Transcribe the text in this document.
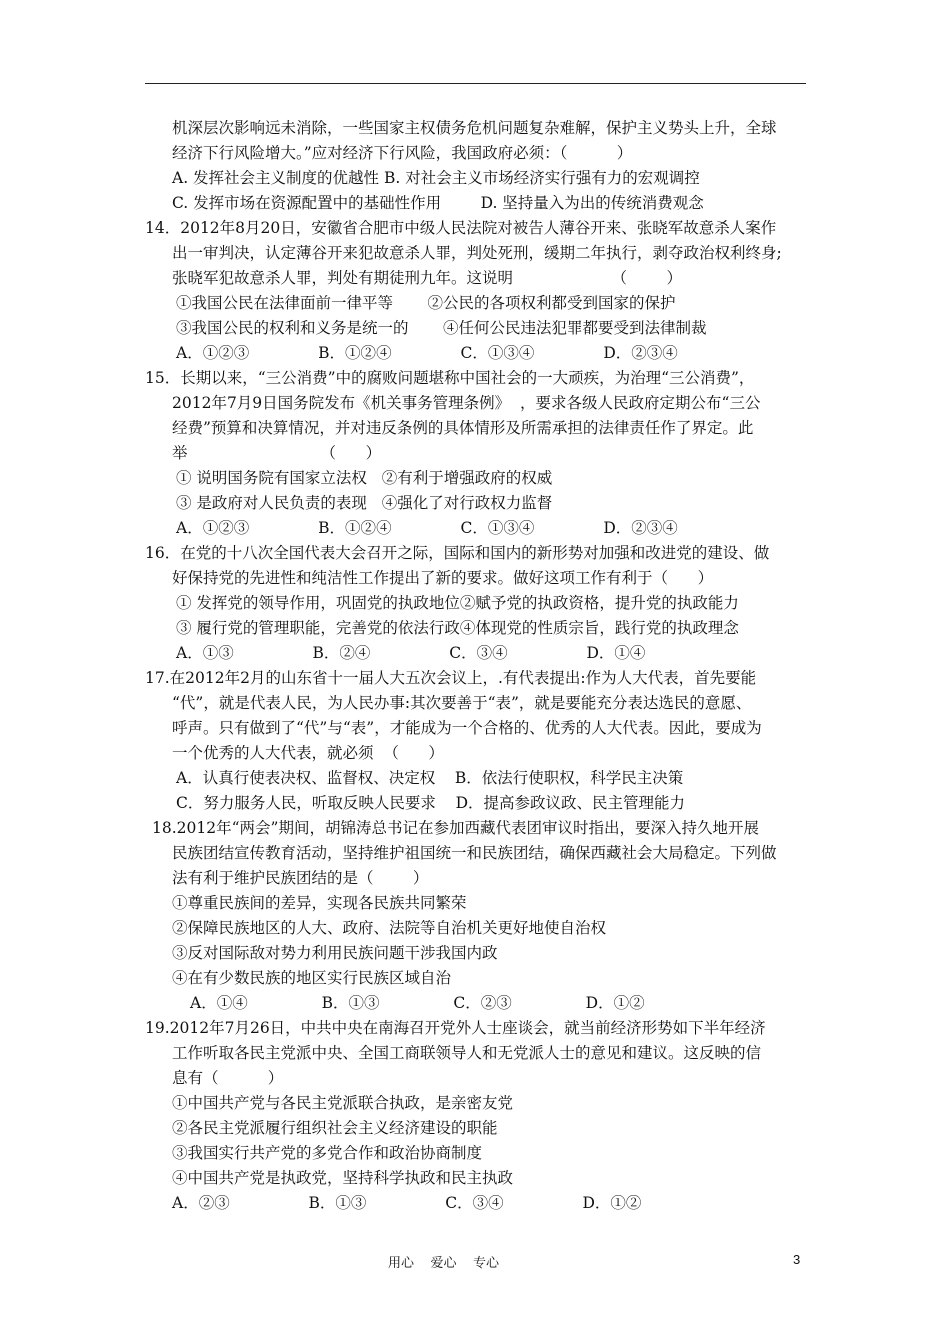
机深层次影响远未消除，一些国家主权债务危机问题复杂难解，保护主义势头上升，全球
经济下行风险增大。”应对经济下行风险，我国政府必须：（          ）
A. 发挥社会主义制度的优越性 B. 对社会主义市场经济实行强有力的宏观调控
C. 发挥市场在资源配置中的基础性作用        D. 坚持量入为出的传统消费观念
14．2012年8月20日，安徽省合肥市中级人民法院对被告人薄谷开来、张晓军故意杀人案作
出一审判决，认定薄谷开来犯故意杀人罪，判处死刑，缓期二年执行，剥夺政治权利终身;
张晓军犯故意杀人罪，判处有期徒刑九年。这说明                    （        ）
①我国公民在法律面前一律平等       ②公民的各项权利都受到国家的保护
③我国公民的权利和义务是统一的       ④任何公民违法犯罪都要受到法律制裁
A．①②③              B．①②④              C．①③④              D．②③④
15．长期以来，“三公消费”中的腐败问题堪称中国社会的一大顽疾，为治理“三公消费”，
2012年7月9日国务院发布《机关事务管理条例》  ，要求各级人民政府定期公布“三公
经费”预算和决算情况，并对违反条例的具体情形及所需承担的法律责任作了界定。此
举                           （      ）
① 说明国务院有国家立法权   ②有利于增强政府的权威
③ 是政府对人民负责的表现   ④强化了对行政权力监督
A．①②③              B．①②④              C．①③④              D．②③④
16．在党的十八次全国代表大会召开之际，国际和国内的新形势对加强和改进党的建设、做
好保持党的先进性和纯洁性工作提出了新的要求。做好这项工作有利于（      ）
① 发挥党的领导作用，巩固党的执政地位②赋予党的执政资格，提升党的执政能力
③ 履行党的管理职能，完善党的依法行政④体现党的性质宗旨，践行党的执政理念
A．①③                B．②④                C．③④                D．①④
17.在2012年2月的山东省十一届人大五次会议上，.有代表提出:作为人大代表，首先要能
“代”，就是代表人民，为人民办事:其次要善于“表”，就是要能充分表达选民的意愿、
呼声。只有做到了“代”与“表”，才能成为一个合格的、优秀的人大代表。因此，要成为
一个优秀的人大代表，就必须  （      ）
A．认真行使表决权、监督权、决定权    B．依法行使职权，科学民主决策
C．努力服务人民，听取反映人民要求    D．提高参政议政、民主管理能力
18.2012年“两会”期间，胡锦涛总书记在参加西藏代表团审议时指出，要深入持久地开展
民族团结宣传教育活动，坚持维护祖国统一和民族团结，确保西藏社会大局稳定。下列做
法有利于维护民族团结的是（        ）
①尊重民族间的差异，实现各民族共同繁荣
②保障民族地区的人大、政府、法院等自治机关更好地使自治权
③反对国际敌对势力利用民族问题干涉我国内政
④在有少数民族的地区实行民族区域自治
A．①④               B．①③               C．②③               D．①②
19.2012年7月26日，中共中央在南海召开党外人士座谈会，就当前经济形势如下半年经济
工作听取各民主党派中央、全国工商联领导人和无党派人士的意见和建议。这反映的信
息有（          ）
①中国共产党与各民主党派联合执政，是亲密友党
②各民主党派履行组织社会主义经济建设的职能
③我国实行共产党的多党合作和政治协商制度
④中国共产党是执政党，坚持科学执政和民主执政
A．②③                B．①③                C．③④                D．①②
用心    爱心    专心	3
